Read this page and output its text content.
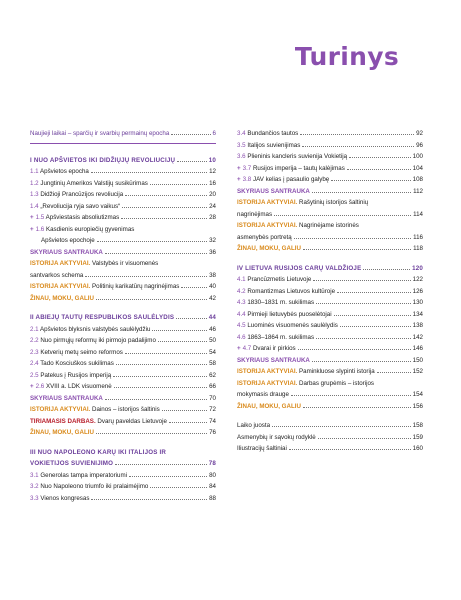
Turinys
Naujieji laikai – sparčių ir svarbių permainų epocha	6
I NUO APŠVIETOS IKI DIDŽIŲJŲ REVOLIUCIJŲ	10
1.1 Apšvietos epocha	12
1.2 Jungtinių Amerikos Valstijų susikūrimas	16
1.3 Didžioji Prancūzijos revoliucija	20
1.4 „Revoliucija ryja savo vaikus“	24
+ 1.5 Apšviestasis absoliutizmas	28
+ 1.6 Kasdienis europiečių gyvenimas
Apšvietos epochoje	32
SKYRIAUS SANTRAUKA	36
ISTORIJA AKTYVIAI. Valstybės ir visuomenės
santvarkos schema	38
ISTORIJA AKTYVIAI. Politinių karikatūrų nagrinėjimas	40
ŽINAU, MOKU, GALIU	42
II ABIEJŲ TAUTŲ RESPUBLIKOS SAULĖLYDIS	44
2.1 Apšvietos blyksnis valstybės saulėlydžiu	46
2.2 Nuo pirmųjų reformų iki pirmojo padalijimo	50
2.3 Ketverių metų seimo reformos	54
2.4 Tado Kosciuškos sukilimas	58
2.5 Patekus į Rusijos imperiją	62
+ 2.6 XVIII a. LDK visuomenė	66
SKYRIAUS SANTRAUKA	70
ISTORIJA AKTYVIAI. Dainos – istorijos šaltinis	72
TIRIAMASIS DARBAS. Dvarų paveldas Lietuvoje	74
ŽINAU, MOKU, GALIU	76
III NUO NAPOLEONO KARŲ IKI ITALIJOS IR
VOKIETIJOS SUVIENIJIMO	78
3.1 Generolas tampa imperatoriumi	80
3.2 Nuo Napoleono triumfo iki pralaimėjimo	84
3.3 Vienos kongresas	88
3.4 Bundančios tautos	92
3.5 Italijos suvienijimas	96
3.6 Plieninis kancleris suvienija Vokietiją	100
+ 3.7 Rusijos imperija – tautų kalėjimas	104
+ 3.8 JAV kelias į pasaulio galybę	108
SKYRIAUS SANTRAUKA	112
ISTORIJA AKTYVIAI. Rašytinių istorijos šaltinių
nagrinėjimas	114
ISTORIJA AKTYVIAI. Nagrinėjame istorinės
asmenybės portretą	116
ŽINAU, MOKU, GALIU	118
IV LIETUVA RUSIJOS CARŲ VALDŽIOJE	120
4.1 Prancūzmetis Lietuvoje	122
4.2 Romantizmas Lietuvos kultūroje	126
4.3 1830–1831 m. sukilimas	130
4.4 Pirmieji lietuvybės puoselėtojai	134
4.5 Luominės visuomenės saulėlydis	138
4.6 1863–1864 m. sukilimas	142
+ 4.7 Dvarai ir pirkios	146
SKYRIAUS SANTRAUKA	150
ISTORIJA AKTYVIAI. Paminkluose slypinti istorija	152
ISTORIJA AKTYVIAI. Darbas grupėmis – istorijos
mokymasis drauge	154
ŽINAU, MOKU, GALIU	156
Laiko juosta	158
Asmenybių ir sąvokų rodyklė	159
Iliustracijų šaltiniai	160
